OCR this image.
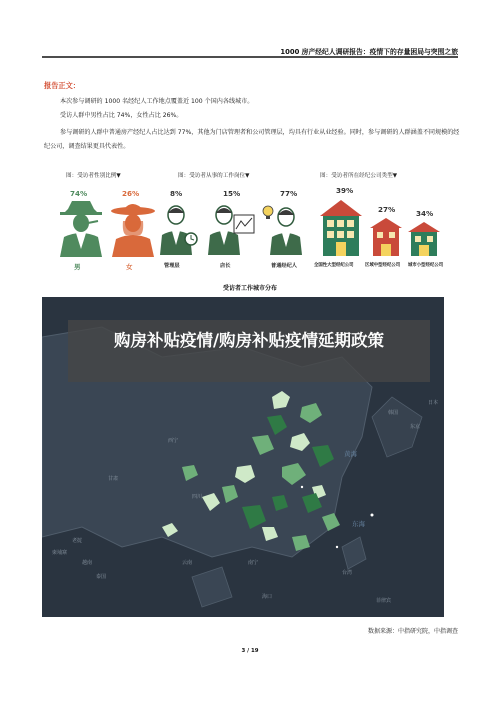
1000 房产经纪人调研报告：疫情下的存量困局与突围之旅
报告正文：
本次参与调研的 1000 名经纪人工作地点覆盖近 100 个国内各线城市。
受访人群中男性占比 74%，女性占比 26%。
参与调研的人群中普通房产经纪人占比达到 77%，其他为门店管理者和公司管理层，均具有行业从业经验。同时，参与调研的人群涵盖不同规模的经纪公司，调查结果更具代表性。
图：受访者性别比例▼	图：受访者从事的工作岗位▼	图：受访者所在经纪公司类型▼
74%	26%
男	女
8%	15%	77%
管理层	店长	普通经纪人
39%
27%	34%
全国性大型经纪公司	区域中型经纪公司 城市小型经纪公司
受访者工作城市分布
西宁
甘肃
四川
云南
老挝
越南
泰国
柬埔寨
东海
黄海
韩国
日本
台湾
南宁
海口
菲律宾
东京
购房补贴疫情/购房补贴疫情延期政策
数据来源：中指研究院，中指调查
3 / 19
